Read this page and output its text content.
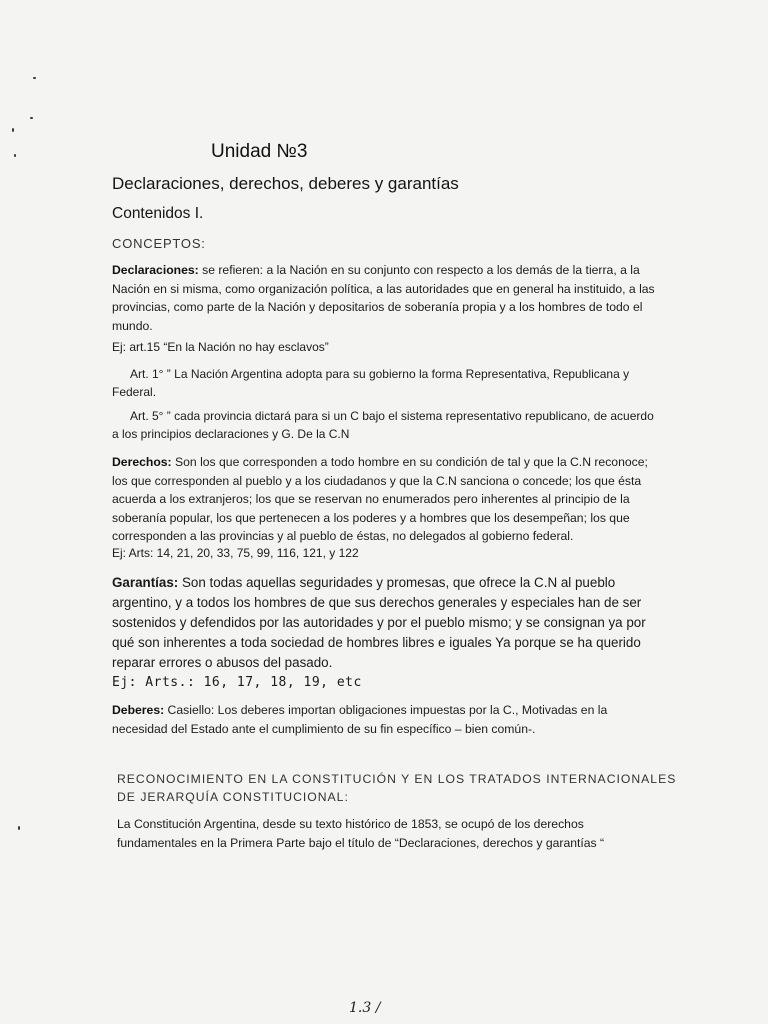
Unidad №3
Declaraciones, derechos, deberes y garantías
Contenidos I.
CONCEPTOS:
Declaraciones: se refieren: a la Nación en su conjunto con respecto a los demás de la tierra, a la Nación en si misma, como organización política, a las autoridades que en general ha instituido, a las provincias, como parte de la Nación y depositarios de soberanía propia y a los hombres de todo el mundo.
Ej: art.15 “En la Nación no hay esclavos”
Art. 1° ” La Nación Argentina adopta para su gobierno la forma Representativa, Republicana y Federal.
Art. 5° ” cada provincia dictará para si un C bajo el sistema representativo republicano, de acuerdo a los principios declaraciones y G. De la C.N
Derechos: Son los que corresponden a todo hombre en su condición de tal y que la C.N reconoce; los que corresponden al pueblo y a los ciudadanos y que la C.N sanciona o concede; los que ésta acuerda a los extranjeros; los que se reservan no enumerados pero inherentes al principio de la soberanía popular, los que pertenecen a los poderes y a hombres que los desempeñan; los que corresponden a las provincias y al pueblo de éstas, no delegados al gobierno federal.
Ej: Arts: 14, 21, 20, 33, 75, 99, 116, 121, y 122
Garantías: Son todas aquellas seguridades y promesas, que ofrece la C.N al pueblo argentino, y a todos los hombres de que sus derechos generales y especiales han de ser sostenidos y defendidos por las autoridades y por el pueblo mismo; y se consignan ya por qué son inherentes a toda sociedad de hombres libres e iguales Ya porque se ha querido reparar errores o abusos del pasado.
Ej: Arts.: 16, 17, 18, 19, etc
Deberes: Casiello: Los deberes importan obligaciones impuestas por la C., Motivadas en la necesidad del Estado ante el cumplimiento de su fin específico – bien común-.
RECONOCIMIENTO EN LA CONSTITUCIÓN Y EN LOS TRATADOS INTERNACIONALES DE JERARQUÍA CONSTITUCIONAL:
La Constitución Argentina, desde su texto histórico de 1853, se ocupó de los derechos fundamentales en la Primera Parte bajo el título de “Declaraciones, derechos y garantías “
1.3 /
